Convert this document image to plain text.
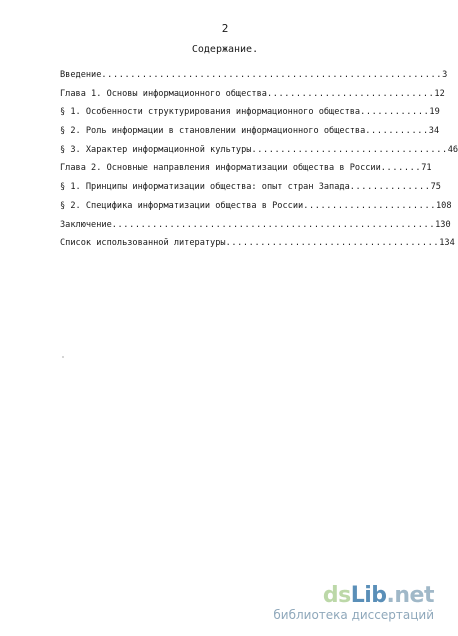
2
Содержание.
Введение...........................................................3
Глава 1. Основы информационного общества.............................12
§ 1. Особенности структурирования информационного общества............19
§ 2. Роль информации в становлении информационного общества...........34
§ 3. Характер информационной культуры..................................46
Глава 2. Основные направления информатизации общества в России.......71
§ 1. Принципы информатизации общества: опыт стран Запада..............75
§ 2. Специфика информатизации общества в России.......................108
Заключение........................................................130
Список использованной литературы.....................................134
dsLib.net
библиотека диссертаций
